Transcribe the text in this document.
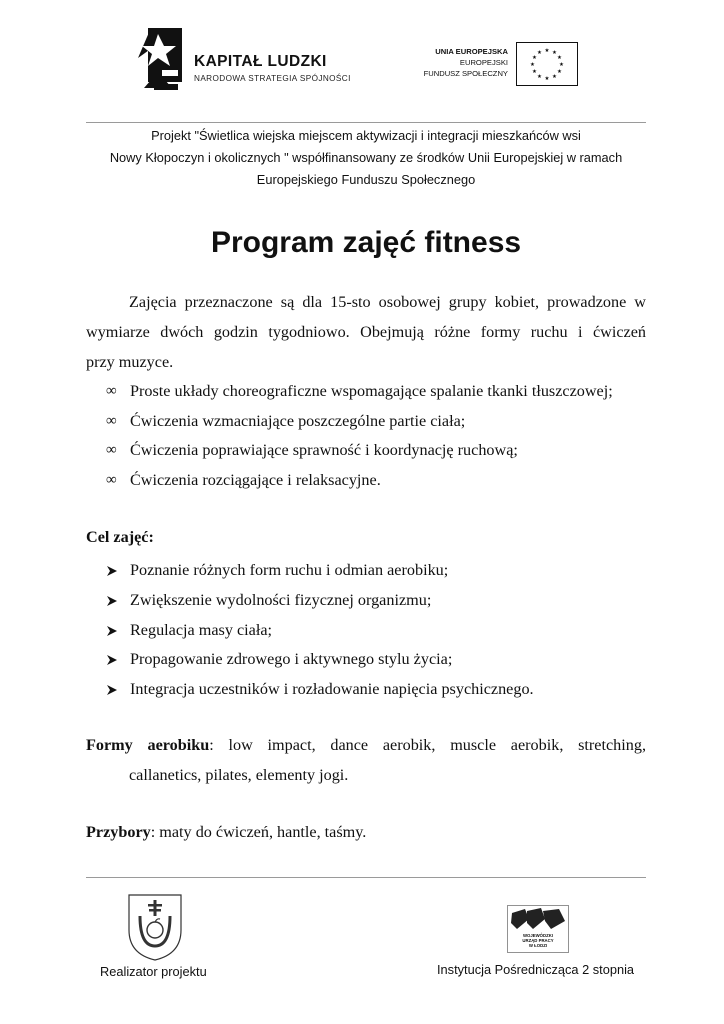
KAPITAŁ LUDZKI
NARODOWA STRATEGIA SPÓJNOŚCI
UNIA EUROPEJSKA
EUROPEJSKI
FUNDUSZ SPOŁECZNY
★ ★
★
★
★
★
★
★
★
★
★
★
Projekt "Świetlica wiejska miejscem aktywizacji i integracji mieszkańców wsi
Nowy Kłopoczyn i okolicznych " współfinansowany ze środków Unii Europejskiej w ramach
Europejskiego Funduszu Społecznego
Program zajęć fitness
Zajęcia przeznaczone są dla 15-sto osobowej grupy kobiet, prowadzone w
wymiarze dwóch godzin tygodniowo. Obejmują różne formy ruchu i ćwiczeń
przy muzyce.
∞ Proste układy choreograficzne wspomagające spalanie tkanki tłuszczowej;
∞ Ćwiczenia wzmacniające poszczególne partie ciała;
∞ Ćwiczenia poprawiające sprawność i koordynację ruchową;
∞ Ćwiczenia rozciągające i relaksacyjne.
Cel zajęć:
Poznanie różnych form ruchu i odmian aerobiku;
Zwiększenie wydolności fizycznej organizmu;
Regulacja masy ciała;
Propagowanie zdrowego i aktywnego stylu życia;
Integracja uczestników i rozładowanie napięcia psychicznego.
Formy aerobiku: low impact, dance aerobik, muscle aerobik, stretching,
callanetics, pilates, elementy jogi.
Przybory: maty do ćwiczeń, hantle, taśmy.
WOJEWÓDZKI
URZĄD PRACY
W ŁODZI
Realizator projektu	Instytucja Pośrednicząca 2 stopnia
